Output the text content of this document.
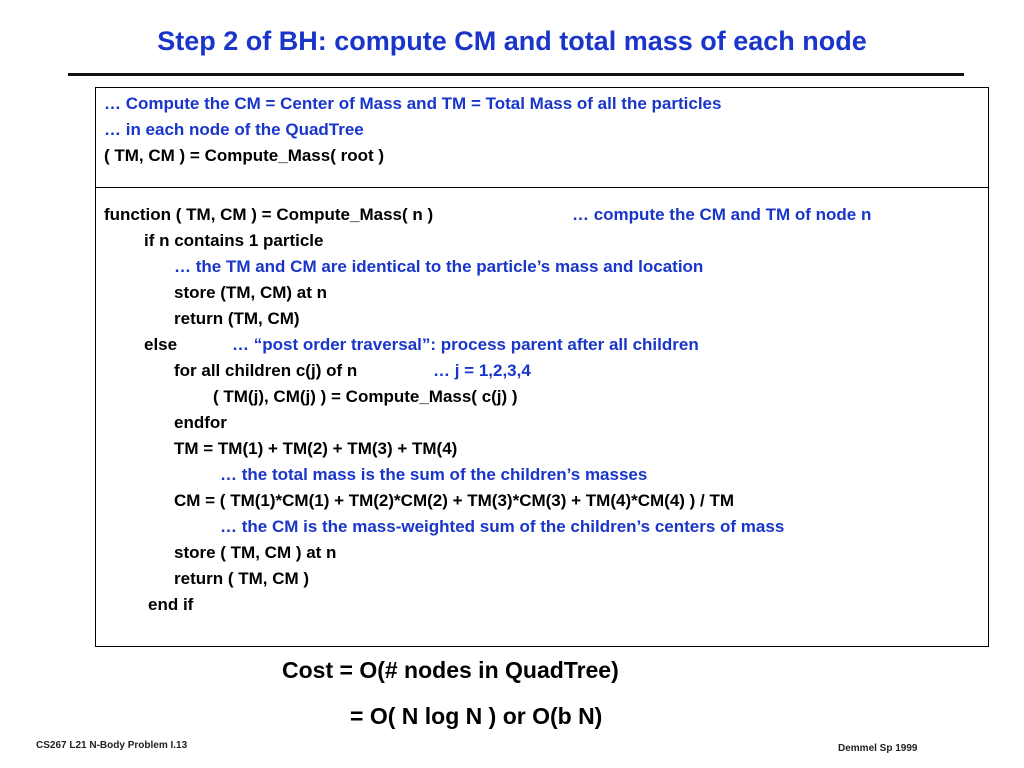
Step 2 of BH: compute CM and total mass of each node
… Compute the CM = Center of Mass and TM = Total Mass of all the particles
… in each node of the QuadTree
( TM, CM ) = Compute_Mass( root )
function ( TM, CM ) = Compute_Mass( n )	… compute the CM and TM of node n
if n contains 1 particle
… the TM and CM are identical to the particle’s mass and location
store (TM, CM) at n
return (TM, CM)
else	… “post order traversal”: process parent after all children
for all children c(j) of n	… j = 1,2,3,4
( TM(j), CM(j) ) = Compute_Mass( c(j) )
endfor
TM = TM(1) + TM(2) + TM(3) + TM(4)
… the total mass is the sum of the children’s masses
CM = ( TM(1)*CM(1) + TM(2)*CM(2) + TM(3)*CM(3) + TM(4)*CM(4) ) / TM
… the CM is the mass-weighted sum of the children’s centers of mass
store ( TM, CM ) at n
return ( TM, CM )
end if
Cost = O(# nodes in QuadTree)
= O( N log N ) or O(b N)
CS267 L21 N-Body Problem I.13	Demmel Sp 1999
